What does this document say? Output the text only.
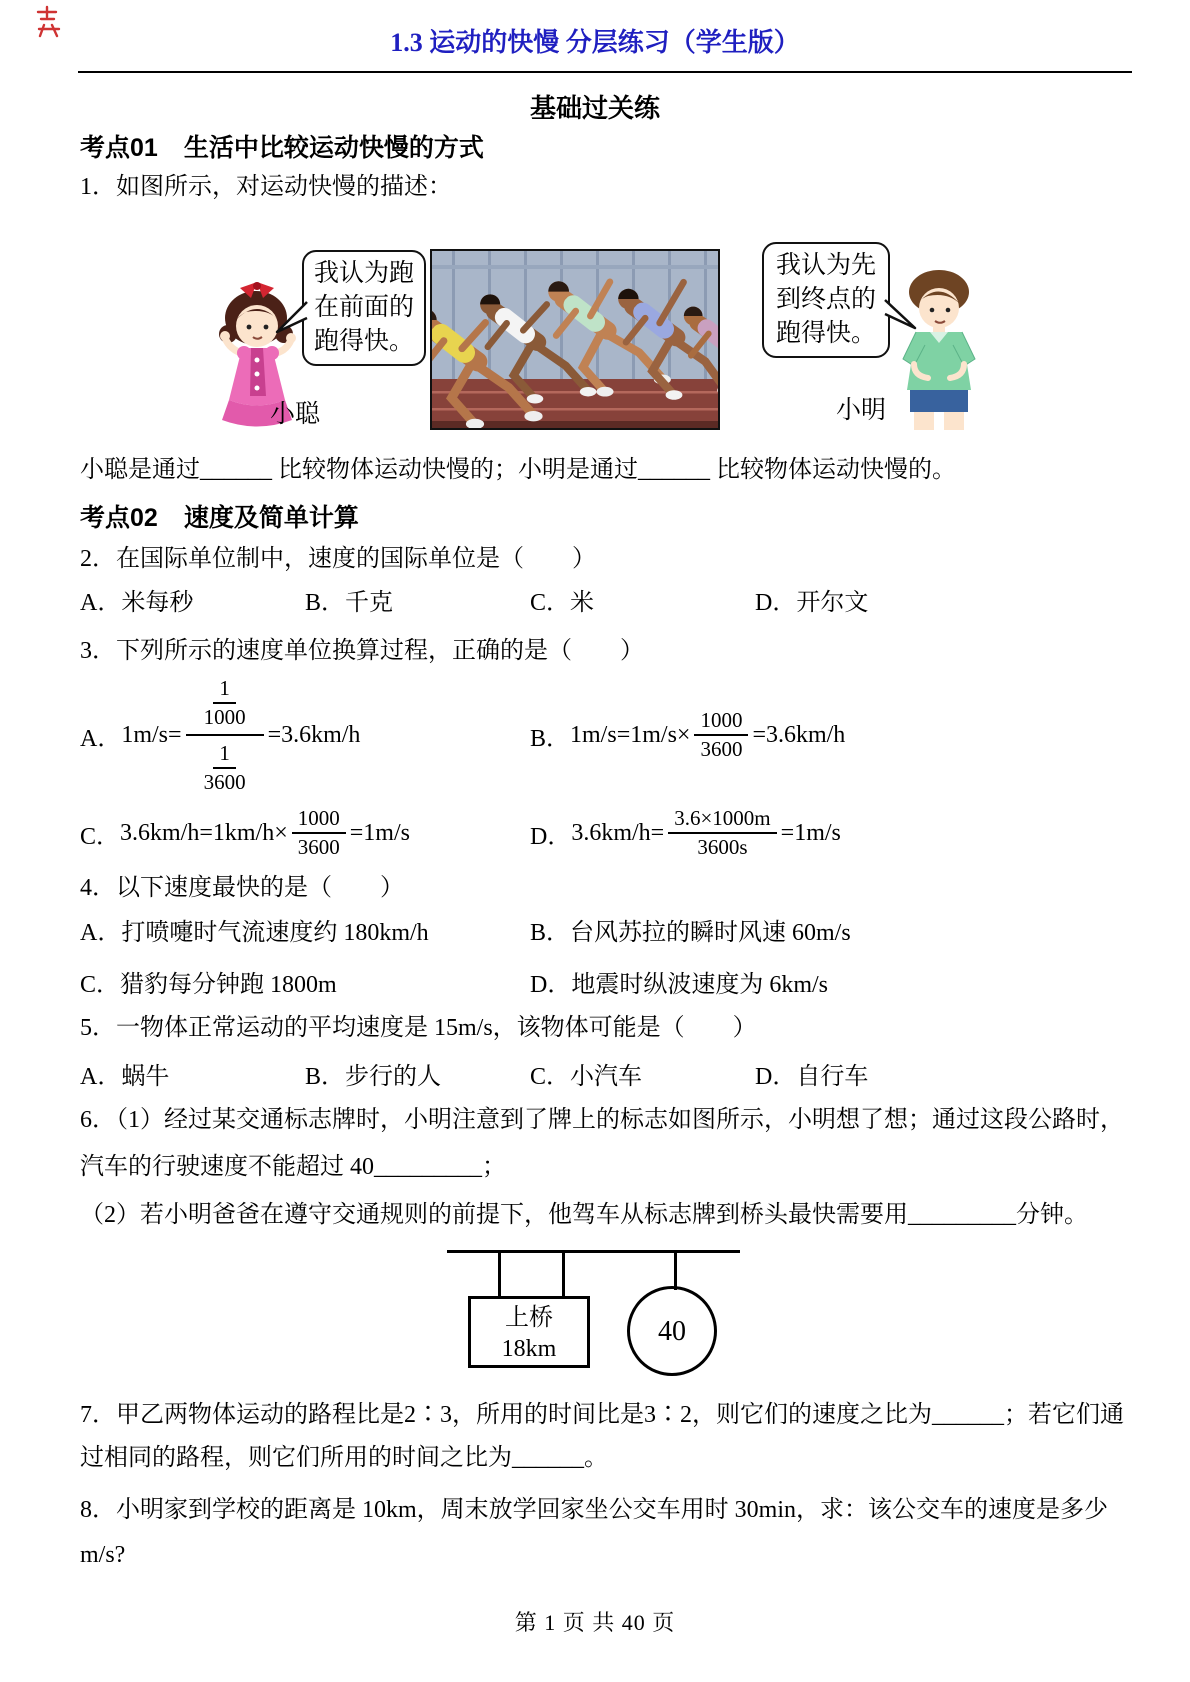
1.3 运动的快慢 分层练习（学生版）
基础过关练
考点01 生活中比较运动快慢的方式
1．如图所示，对运动快慢的描述：
小聪
我认为跑
在前面的
跑得快。
我认为先
到终点的
跑得快。
小明
小聪是通过______ 比较物体运动快慢的；小明是通过______ 比较物体运动快慢的。
考点02 速度及简单计算
2．在国际单位制中，速度的国际单位是（　　）
A．米每秒	B．千克	C．米	D．开尔文
3．下列所示的速度单位换算过程，正确的是（　　）
A． $1m/s= \frac{\frac{1}{1000}}{\frac{1}{3600}} =3.6km/h$	B． $1m/s=1m/s\times \frac{1000}{3600} =3.6km/h$
C． $3.6km/h=1km/h\times \frac{1000}{3600} =1m/s$	D． $3.6km/h= \frac{3.6\times 1000m}{3600s} =1m/s$
4．以下速度最快的是（　　）
A．打喷嚏时气流速度约 180km/h	B．台风苏拉的瞬时风速 60m/s
C．猎豹每分钟跑 1800m	D．地震时纵波速度为 6km/s
5．一物体正常运动的平均速度是 15m/s，该物体可能是（　　）
A．蜗牛	B．步行的人	C．小汽车	D．自行车
6．（1）经过某交通标志牌时，小明注意到了牌上的标志如图所示，小明想了想；通过这段公路时，
汽车的行驶速度不能超过 40_________；
（2）若小明爸爸在遵守交通规则的前提下，他驾车从标志牌到桥头最快需要用_________分钟。
上桥
18km
40
7．甲乙两物体运动的路程比是2∶3，所用的时间比是3∶2，则它们的速度之比为______；若它们通
过相同的路程，则它们所用的时间之比为______。
8．小明家到学校的距离是 10km，周末放学回家坐公交车用时 30min，求：该公交车的速度是多少
m/s?
第 1 页 共 40 页
